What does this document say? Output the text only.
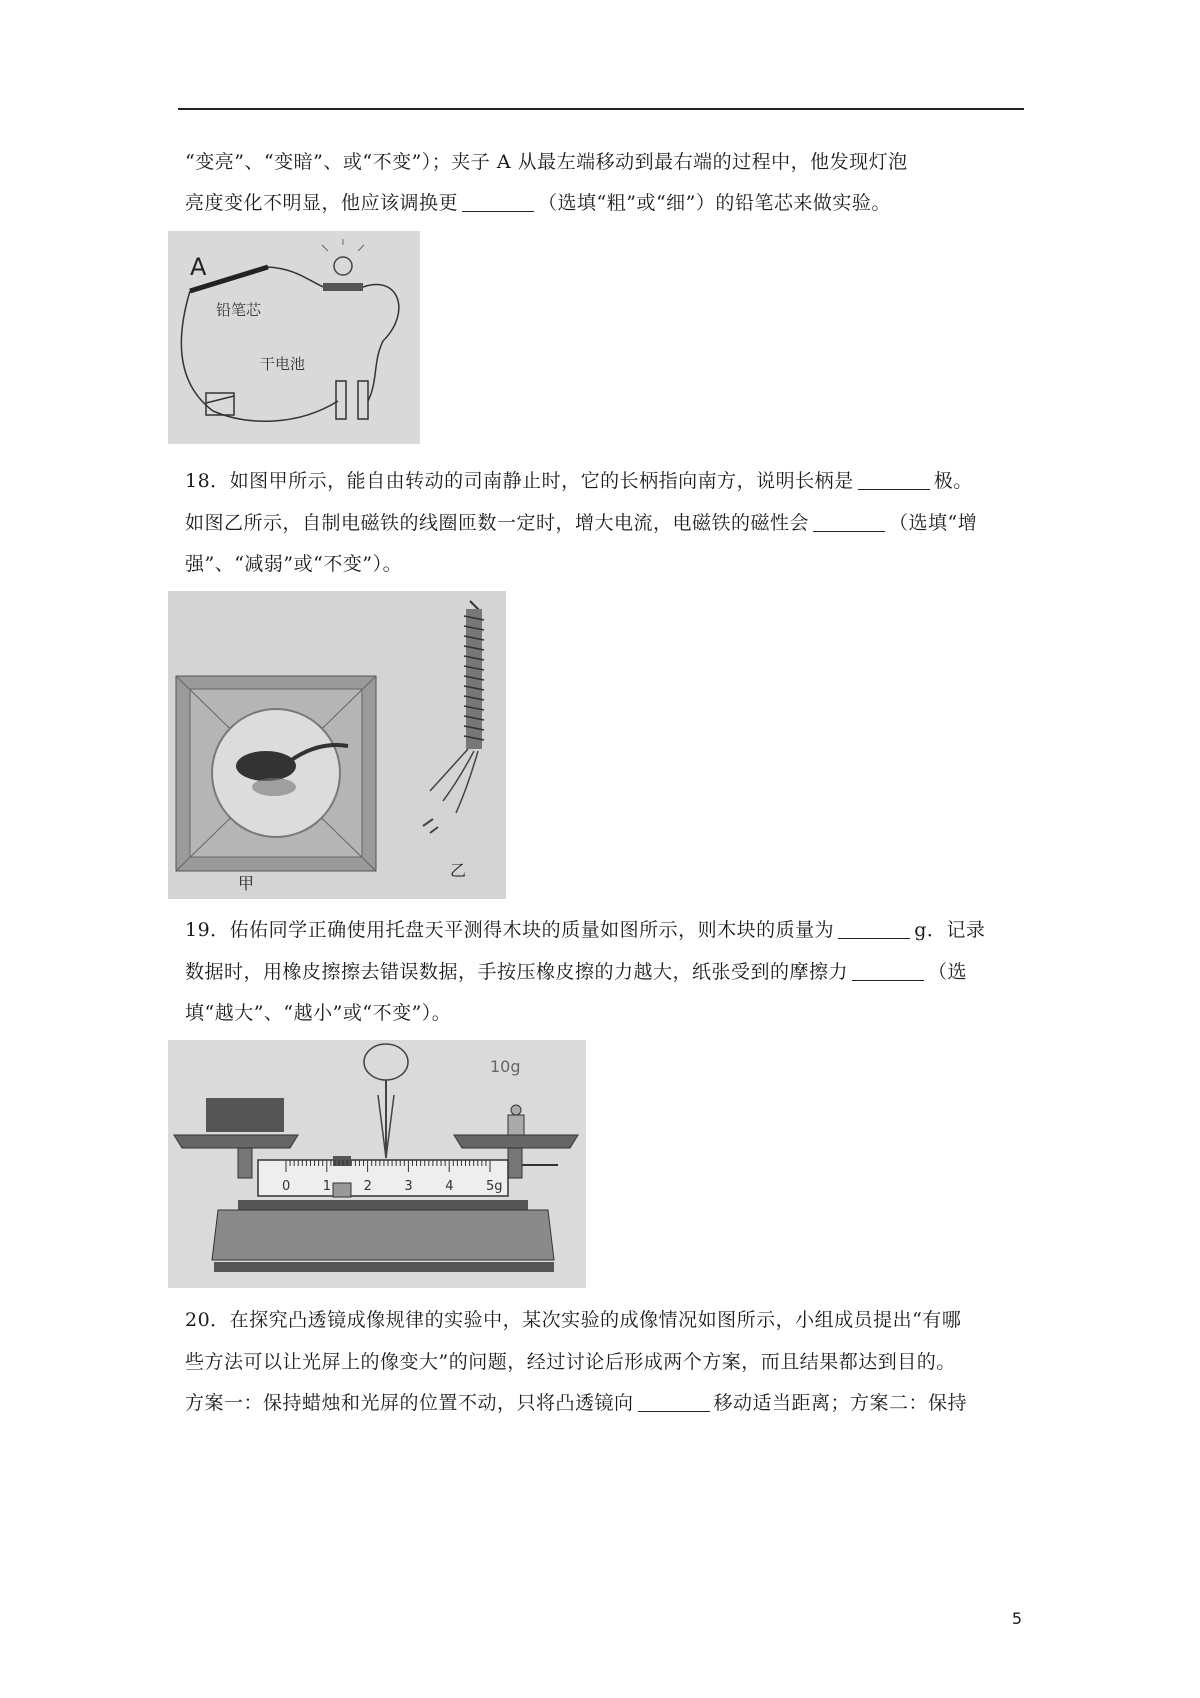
“变亮”、“变暗”、或“不变”）；夹子 A 从最左端移动到最右端的过程中，他发现灯泡

亮度变化不明显，他应该调换更	（选填“粗”或“细”）的铅笔芯来做实验。

A
铅笔芯
干电池

18．如图甲所示，能自由转动的司南静止时，它的长柄指向南方，说明长柄是	极。

如图乙所示，自制电磁铁的线圈匝数一定时，增大电流，电磁铁的磁性会	（选填“增

强”、“减弱”或“不变”）。

甲
乙

19．佑佑同学正确使用托盘天平测得木块的质量如图所示，则木块的质量为	g．记录

数据时，用橡皮擦擦去错误数据，手按压橡皮擦的力越大，纸张受到的摩擦力	（选

填“越大”、“越小”或“不变”）。

10g
0	1	2	3	4	5g

20．在探究凸透镜成像规律的实验中，某次实验的成像情况如图所示，小组成员提出“有哪

些方法可以让光屏上的像变大”的问题，经过讨论后形成两个方案，而且结果都达到目的。

方案一：保持蜡烛和光屏的位置不动，只将凸透镜向	移动适当距离；方案二：保持

5
